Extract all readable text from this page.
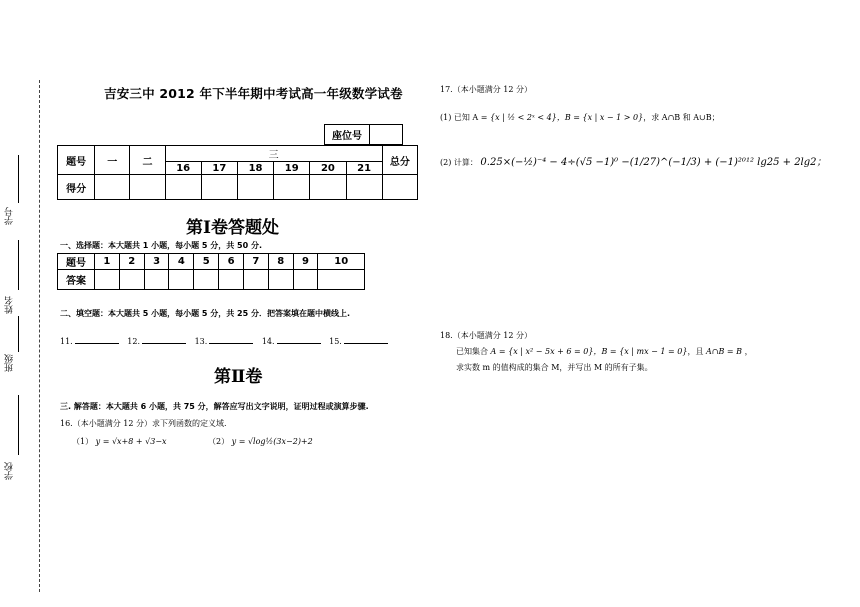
学号
姓名
班级
学校
吉安三中 2012 年下半年期中考试高一年级数学试卷
座位号	
题号	一	二	三						总分
			16	17	18	19	20	21	
得分									
第Ⅰ卷答题处
一、选择题：本大题共 1 小题，每小题 5 分，共 50 分.
题号	1	2	3	4	5	6	7	8	9	10
答案										
二、填空题：本大题共 5 小题，每小题 5 分，共 25 分．把答案填在题中横线上.
11.	12.	13.	14.	15.
第Ⅱ卷
三. 解答题：本大题共 6 小题，共 75 分，解答应写出文字说明，证明过程或演算步骤.
16.（本小题满分 12 分）求下列函数的定义域.
（1） y = √x+8 + √3−x	（2） y = √log½(3x−2)+2
17.（本小题满分 12 分）
(1) 已知 A = {x | ½ < 2ˣ < 4}，B = {x | x − 1 > 0}，求 A∩B 和 A∪B；
(2) 计算： 0.25×(−½)⁻⁴ − 4÷(√5 −1)⁰ −(1/27)^(−1/3) + (−1)²⁰¹² lg25 + 2lg2；
18.（本小题满分 12 分）
已知集合 A = {x | x² − 5x + 6 = 0}，B = {x | mx − 1 = 0}，且 A∩B = B ，
求实数 m 的值构成的集合 M，并写出 M 的所有子集。
